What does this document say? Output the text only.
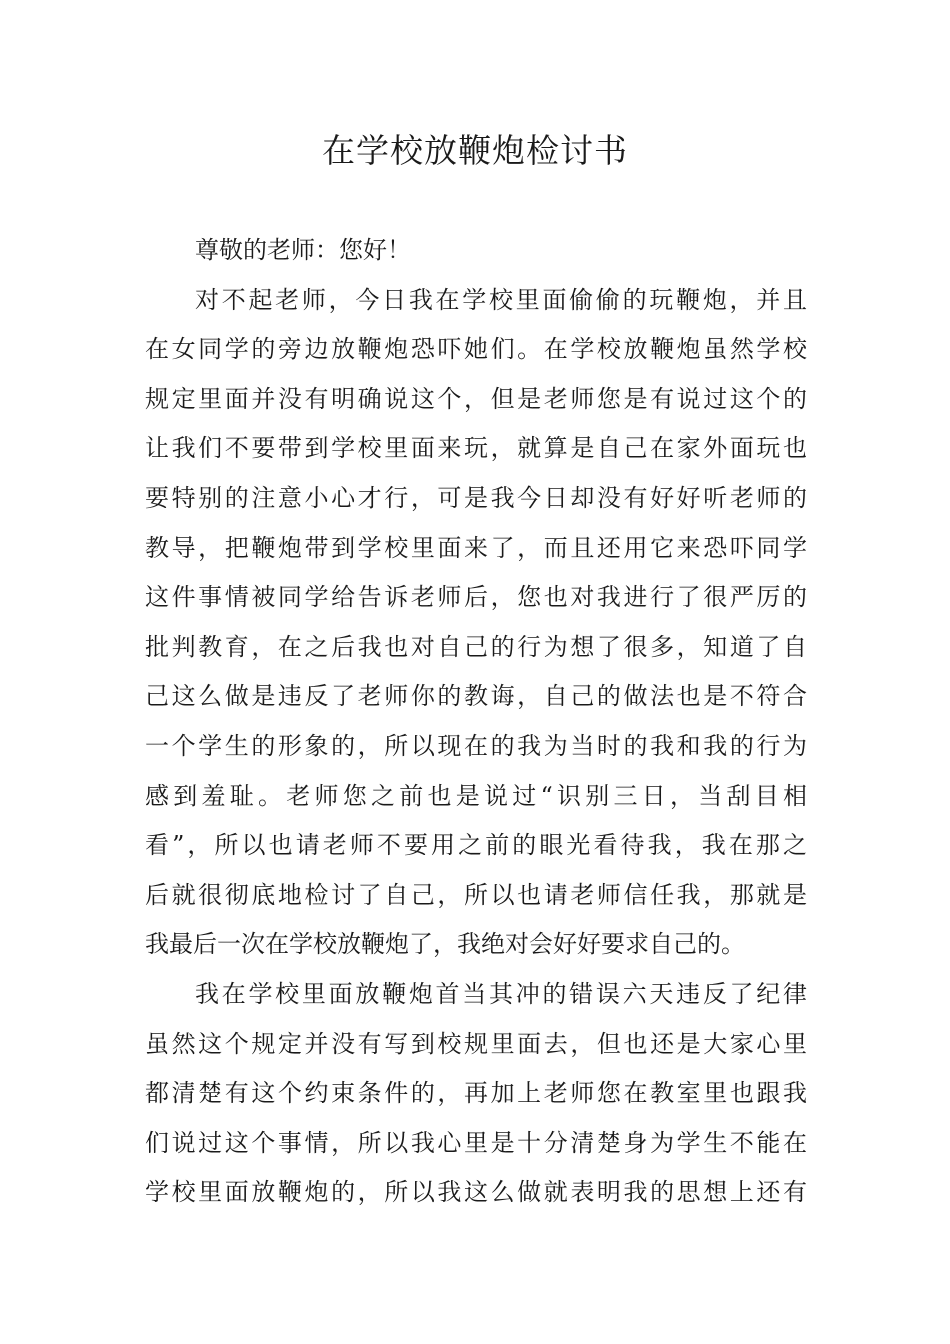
在学校放鞭炮检讨书
尊敬的老师：您好！
对不起老师，今日我在学校里面偷偷的玩鞭炮，并且
在女同学的旁边放鞭炮恐吓她们。在学校放鞭炮虽然学校
规定里面并没有明确说这个，但是老师您是有说过这个的
让我们不要带到学校里面来玩，就算是自己在家外面玩也
要特别的注意小心才行，可是我今日却没有好好听老师的
教导，把鞭炮带到学校里面来了，而且还用它来恐吓同学
这件事情被同学给告诉老师后，您也对我进行了很严厉的
批判教育，在之后我也对自己的行为想了很多，知道了自
己这么做是违反了老师你的教诲，自己的做法也是不符合
一个学生的形象的，所以现在的我为当时的我和我的行为
感到羞耻。老师您之前也是说过“识别三日，当刮目相
看”，所以也请老师不要用之前的眼光看待我，我在那之
后就很彻底地检讨了自己，所以也请老师信任我，那就是
我最后一次在学校放鞭炮了，我绝对会好好要求自己的。
我在学校里面放鞭炮首当其冲的错误六天违反了纪律
虽然这个规定并没有写到校规里面去，但也还是大家心里
都清楚有这个约束条件的，再加上老师您在教室里也跟我
们说过这个事情，所以我心里是十分清楚身为学生不能在
学校里面放鞭炮的，所以我这么做就表明我的思想上还有
